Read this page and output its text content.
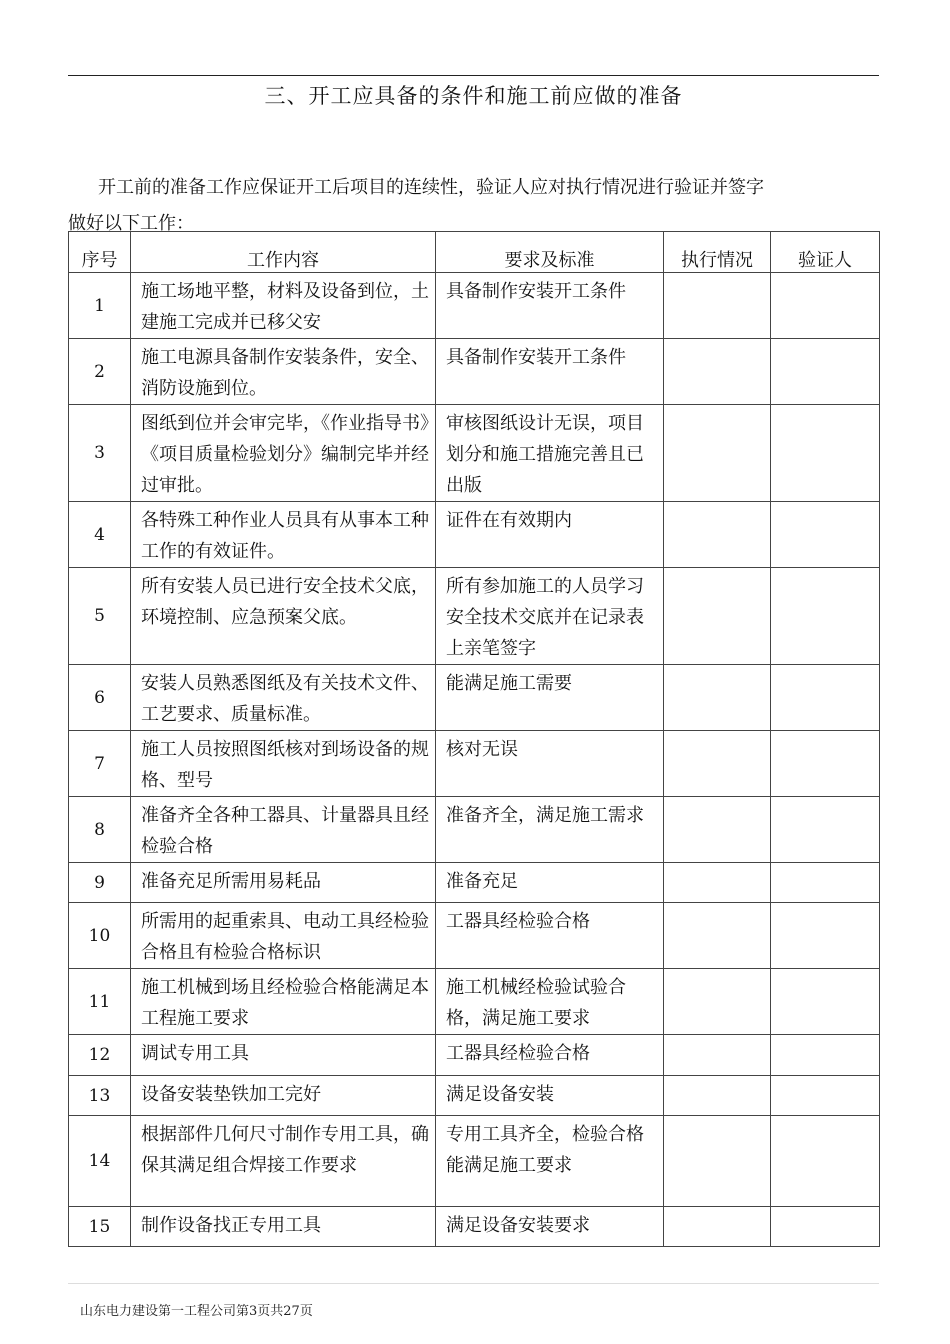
三、开工应具备的条件和施工前应做的准备
开工前的准备工作应保证开工后项目的连续性，验证人应对执行情况进行验证并签字
做好以下工作：
序号	工作内容	要求及标准	执行情况	验证人
1	施工场地平整，材料及设备到位，土建施工完成并已移父安	具备制作安装开工条件		
2	施工电源具备制作安装条件，安全、消防设施到位。	具备制作安装开工条件		
3	图纸到位并会审完毕，《作业指导书》《项目质量检验划分》编制完毕并经过审批。	审核图纸设计无误，项目划分和施工措施完善且已出版		
4	各特殊工种作业人员具有从事本工种工作的有效证件。	证件在有效期内		
5	所有安装人员已进行安全技术父底，环境控制、应急预案父底。	所有参加施工的人员学习安全技术交底并在记录表上亲笔签字		
6	安装人员熟悉图纸及有关技术文件、工艺要求、质量标准。	能满足施工需要		
7	施工人员按照图纸核对到场设备的规格、型号	核对无误		
8	准备齐全各种工器具、计量器具且经检验合格	准备齐全，满足施工需求		
9	准备充足所需用易耗品	准备充足		
10	所需用的起重索具、电动工具经检验合格且有检验合格标识	工器具经检验合格		
11	施工机械到场且经检验合格能满足本工程施工要求	施工机械经检验试验合格，满足施工要求		
12	调试专用工具	工器具经检验合格		
13	设备安装垫铁加工完好	满足设备安装		
14	根据部件几何尺寸制作专用工具，确保其满足组合焊接工作要求	专用工具齐全，检验合格能满足施工要求		
15	制作设备找正专用工具	满足设备安装要求		
山东电力建设第一工程公司第3页共27页
